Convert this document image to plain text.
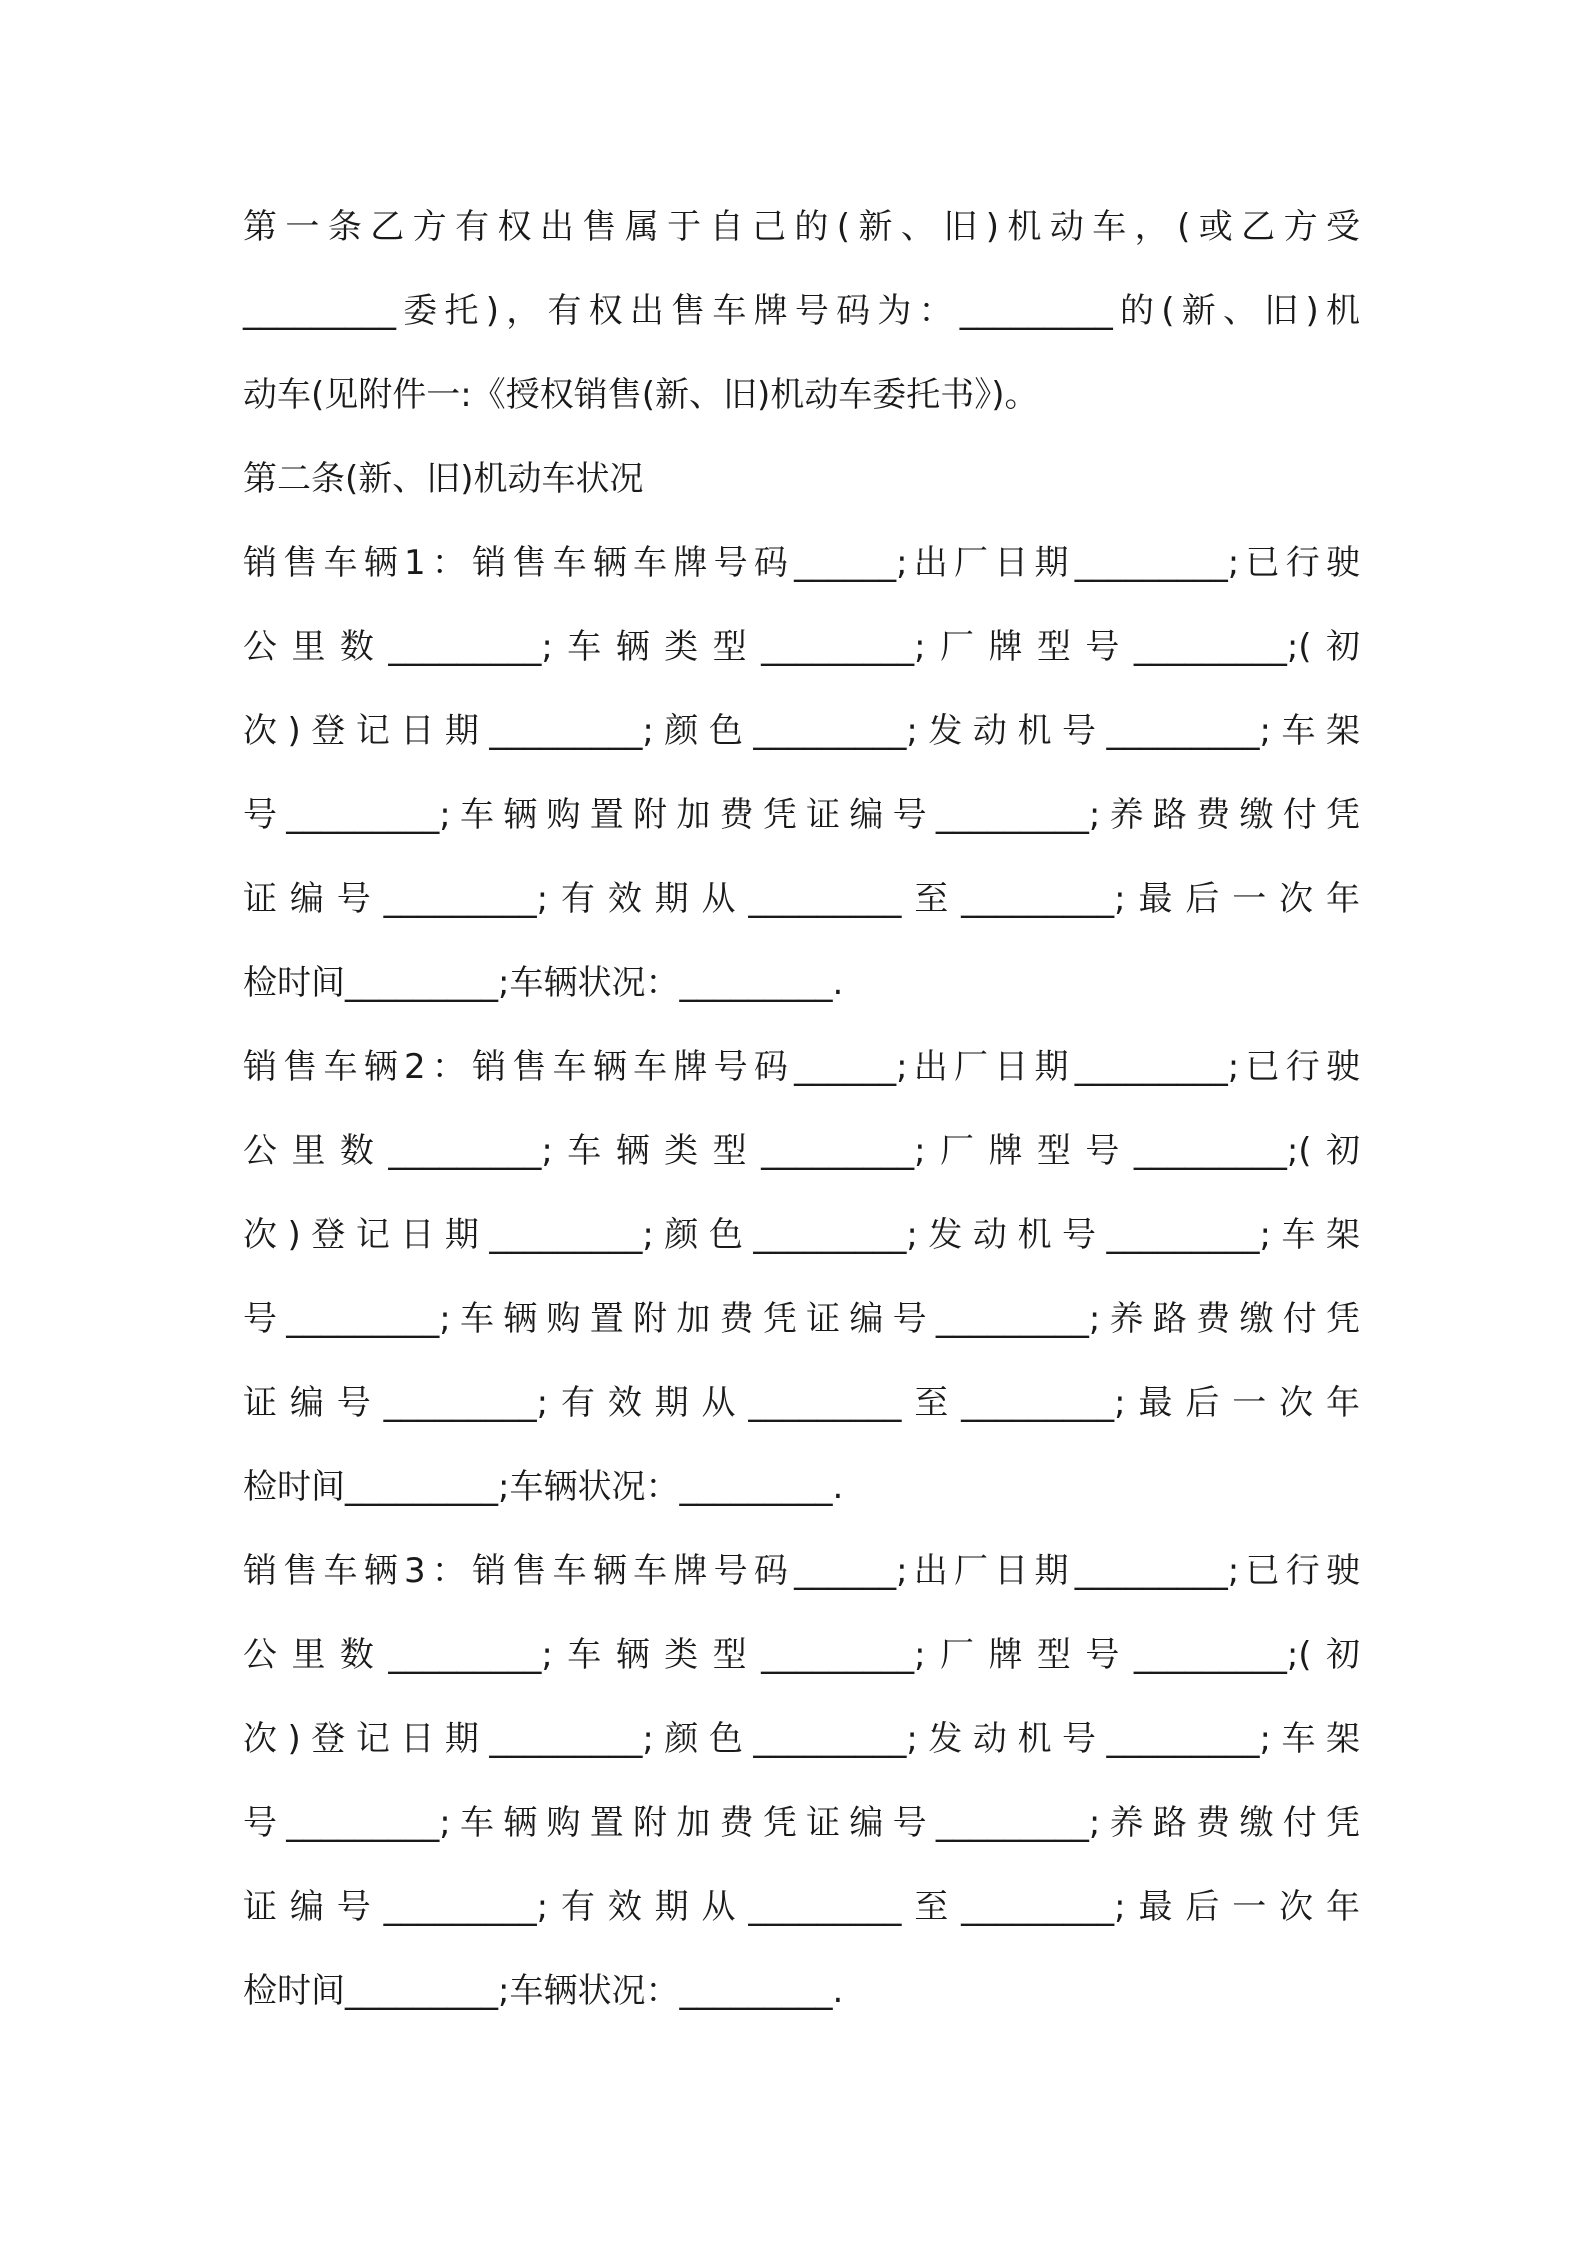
第一条乙方有权出售属于自己的(新、旧)机动车，(或乙方受
_________委托)，有权出售车牌号码为：_________的(新、旧)机
动车(见附件一:《授权销售(新、旧)机动车委托书》)。
第二条(新、旧)机动车状况
销售车辆1：销售车辆车牌号码______;出厂日期_________;已行驶
公里数_________;车辆类型_________;厂牌型号_________;(初
次)登记日期_________;颜色_________;发动机号_________;车架
号_________;车辆购置附加费凭证编号_________;养路费缴付凭
证编号_________;有效期从_________至_________;最后一次年
检时间_________;车辆状况：_________.
销售车辆2：销售车辆车牌号码______;出厂日期_________;已行驶
公里数_________;车辆类型_________;厂牌型号_________;(初
次)登记日期_________;颜色_________;发动机号_________;车架
号_________;车辆购置附加费凭证编号_________;养路费缴付凭
证编号_________;有效期从_________至_________;最后一次年
检时间_________;车辆状况：_________.
销售车辆3：销售车辆车牌号码______;出厂日期_________;已行驶
公里数_________;车辆类型_________;厂牌型号_________;(初
次)登记日期_________;颜色_________;发动机号_________;车架
号_________;车辆购置附加费凭证编号_________;养路费缴付凭
证编号_________;有效期从_________至_________;最后一次年
检时间_________;车辆状况：_________.
